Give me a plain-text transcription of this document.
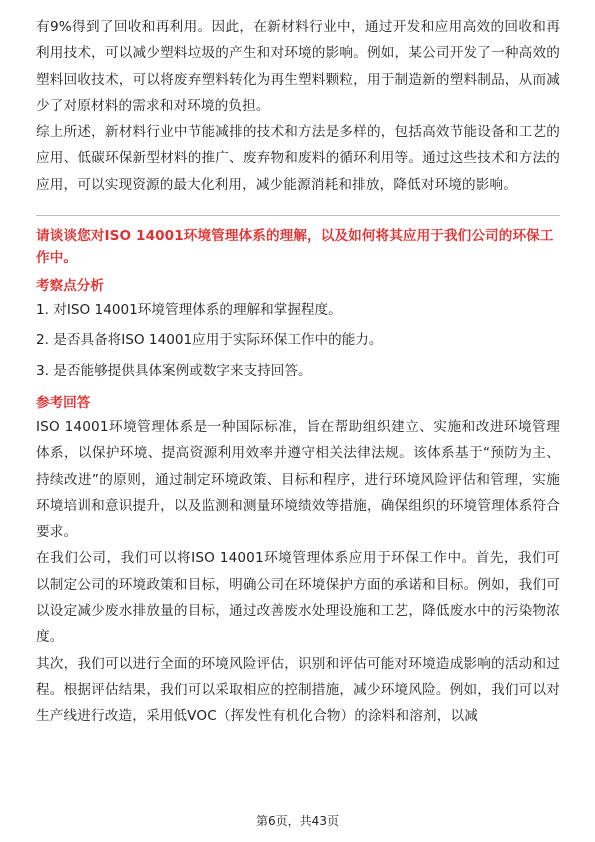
有9%得到了回收和再利用。因此，在新材料行业中，通过开发和应用高效的回收和再利用技术，可以减少塑料垃圾的产生和对环境的影响。例如，某公司开发了一种高效的塑料回收技术，可以将废弃塑料转化为再生塑料颗粒，用于制造新的塑料制品，从而减少了对原材料的需求和对环境的负担。

综上所述，新材料行业中节能减排的技术和方法是多样的，包括高效节能设备和工艺的应用、低碳环保新型材料的推广、废弃物和废料的循环利用等。通过这些技术和方法的应用，可以实现资源的最大化利用，减少能源消耗和排放，降低对环境的影响。

请谈谈您对ISO 14001环境管理体系的理解，以及如何将其应用于我们公司的环保工作中。

考察点分析

1. 对ISO 14001环境管理体系的理解和掌握程度。

2. 是否具备将ISO 14001应用于实际环保工作中的能力。

3. 是否能够提供具体案例或数字来支持回答。

参考回答

ISO 14001环境管理体系是一种国际标准，旨在帮助组织建立、实施和改进环境管理体系，以保护环境、提高资源利用效率并遵守相关法律法规。该体系基于“预防为主、持续改进”的原则，通过制定环境政策、目标和程序，进行环境风险评估和管理，实施环境培训和意识提升，以及监测和测量环境绩效等措施，确保组织的环境管理体系符合要求。

在我们公司，我们可以将ISO 14001环境管理体系应用于环保工作中。首先，我们可以制定公司的环境政策和目标，明确公司在环境保护方面的承诺和目标。例如，我们可以设定减少废水排放量的目标，通过改善废水处理设施和工艺，降低废水中的污染物浓度。

其次，我们可以进行全面的环境风险评估，识别和评估可能对环境造成影响的活动和过程。根据评估结果，我们可以采取相应的控制措施，减少环境风险。例如，我们可以对生产线进行改造，采用低VOC（挥发性有机化合物）的涂料和溶剂，以减

第6页，共43页
